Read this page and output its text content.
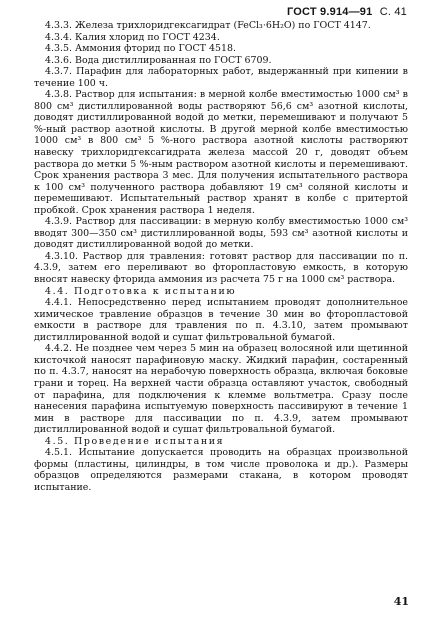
ГОСТ 9.914—91 С. 41

4.3.3. Железа трихлоридгексагидрат (FeCl₃·6H₂O) по ГОСТ 4147.

4.3.4. Калия хлорид по ГОСТ 4234.

4.3.5. Аммония фторид по ГОСТ 4518.

4.3.6. Вода дистиллированная по ГОСТ 6709.

4.3.7. Парафин для лабораторных работ, выдержанный при кипении в течение 100 ч.

4.3.8. Раствор для испытания: в мерной колбе вместимостью 1000 см³ в 800 см³ дистиллированной воды растворяют 56,6 см³ азотной кислоты, доводят дистиллированной водой до метки, перемешивают и получают 5 %-ный раствор азотной кислоты. В другой мерной колбе вместимостью 1000 см³ в 800 см³ 5 %-ного раствора азотной кислоты растворяют навеску трихлоридгексагидрата железа массой 20 г, доводят объем раствора до метки 5 %-ным раствором азотной кислоты и перемешивают. Срок хранения раствора 3 мес. Для получения испытательного раствора к 100 см³ полученного раствора добавляют 19 см³ соляной кислоты и перемешивают. Испытательный раствор хранят в колбе с притертой пробкой. Срок хранения раствора 1 неделя.

4.3.9. Раствор для пассивации: в мерную колбу вместимостью 1000 см³ вводят 300—350 см³ дистиллированной воды, 593 см³ азотной кислоты и доводят дистиллированной водой до метки.

4.3.10. Раствор для травления: готовят раствор для пассивации по п. 4.3.9, затем его переливают во фторопластовую емкость, в которую вносят навеску фторида аммония из расчета 75 г на 1000 см³ раствора.

4.4. Подготовка к испытанию

4.4.1. Непосредственно перед испытанием проводят дополнительное химическое травление образцов в течение 30 мин во фторопластовой емкости в растворе для травления по п. 4.3.10, затем промывают дистиллированной водой и сушат фильтровальной бумагой.

4.4.2. Не позднее чем через 5 мин на образец волосяной или щетинной кисточкой наносят парафиновую маску. Жидкий парафин, состаренный по п. 4.3.7, наносят на нерабочую поверхность образца, включая боковые грани и торец. На верхней части образца оставляют участок, свободный от парафина, для подключения к клемме вольтметра. Сразу после нанесения парафина испытуемую поверхность пассивируют в течение 1 мин в растворе для пассивации по п. 4.3.9, затем промывают дистиллированной водой и сушат фильтровальной бумагой.

4.5. Проведение испытания

4.5.1. Испытание допускается проводить на образцах произвольной формы (пластины, цилиндры, в том числе проволока и др.). Размеры образцов определяются размерами стакана, в котором проводят испытание.

41
